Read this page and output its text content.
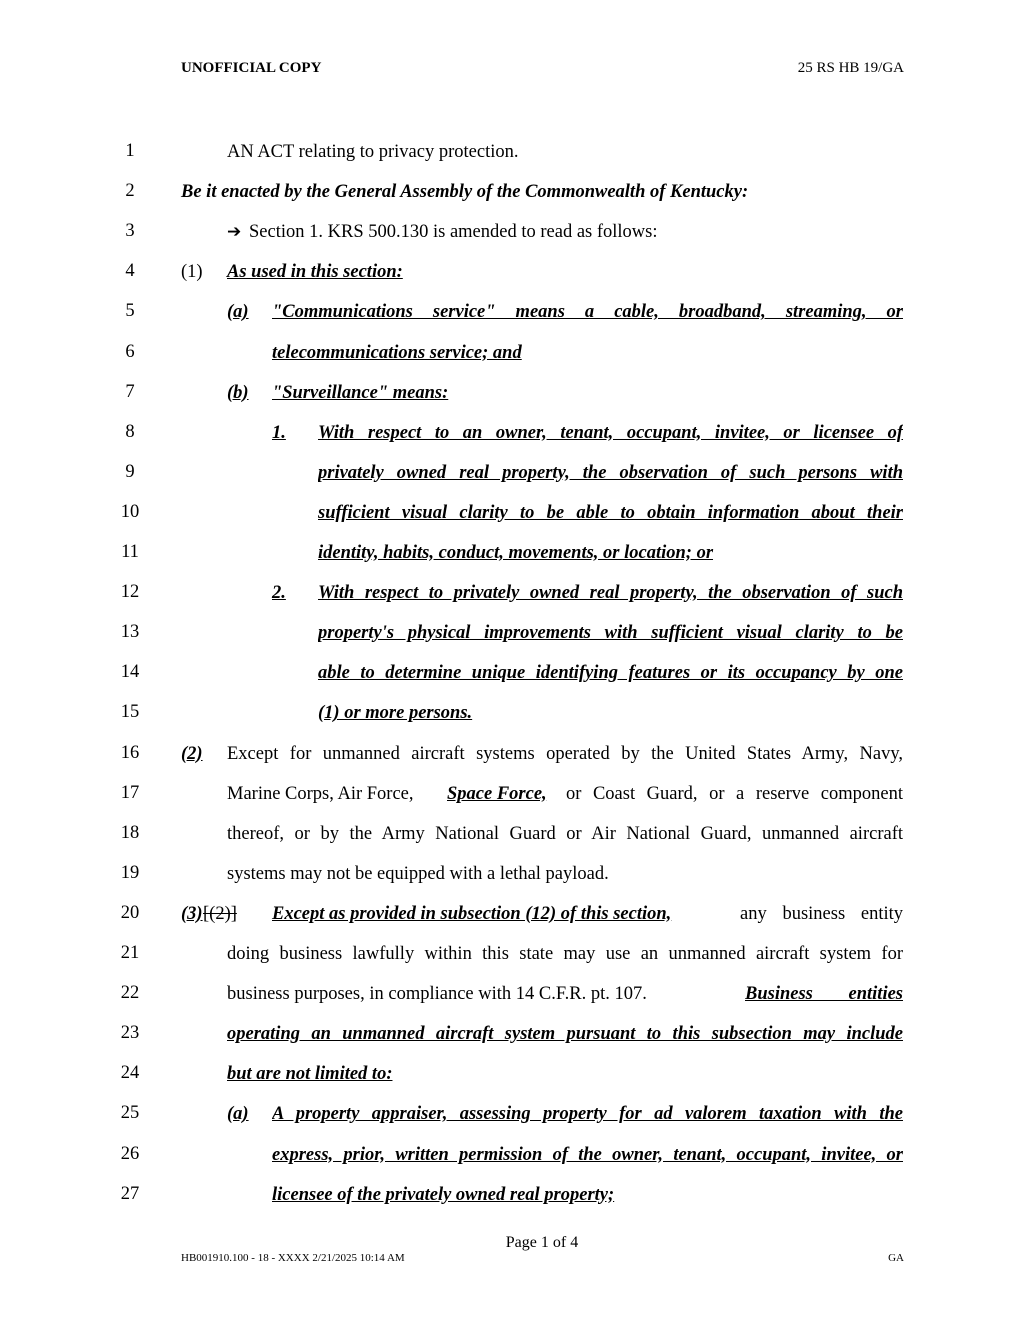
UNOFFICIAL COPY	25 RS HB 19/GA
1	AN ACT relating to privacy protection.
2	Be it enacted by the General Assembly of the Commonwealth of Kentucky:
3	➔ Section 1. KRS 500.130 is amended to read as follows:
4	(1) As used in this section:
5	(a) "Communications service" means a cable, broadband, streaming, or
6	telecommunications service; and
7	(b) "Surveillance" means:
8	1. With respect to an owner, tenant, occupant, invitee, or licensee of
9	privately owned real property, the observation of such persons with
10	sufficient visual clarity to be able to obtain information about their
11	identity, habits, conduct, movements, or location; or
12	2. With respect to privately owned real property, the observation of such
13	property's physical improvements with sufficient visual clarity to be
14	able to determine unique identifying features or its occupancy by one
15	(1) or more persons.
16	(2) Except for unmanned aircraft systems operated by the United States Army, Navy,
17	Marine Corps, Air Force, Space Force, or Coast Guard, or a reserve component
18	thereof, or by the Army National Guard or Air National Guard, unmanned aircraft
19	systems may not be equipped with a lethal payload.
20	(3) [(2)] Except as provided in subsection (12) of this section,	any business entity
21	doing business lawfully within this state may use an unmanned aircraft system for
22	business purposes, in compliance with 14 C.F.R. pt. 107.	Business entities
23	operating an unmanned aircraft system pursuant to this subsection may include
24	but are not limited to:
25	(a) A property appraiser, assessing property for ad valorem taxation with the
26	express, prior, written permission of the owner, tenant, occupant, invitee, or
27	licensee of the privately owned real property;
Page 1 of 4
HB001910.100 - 18 - XXXX 2/21/2025 10:14 AM	GA
